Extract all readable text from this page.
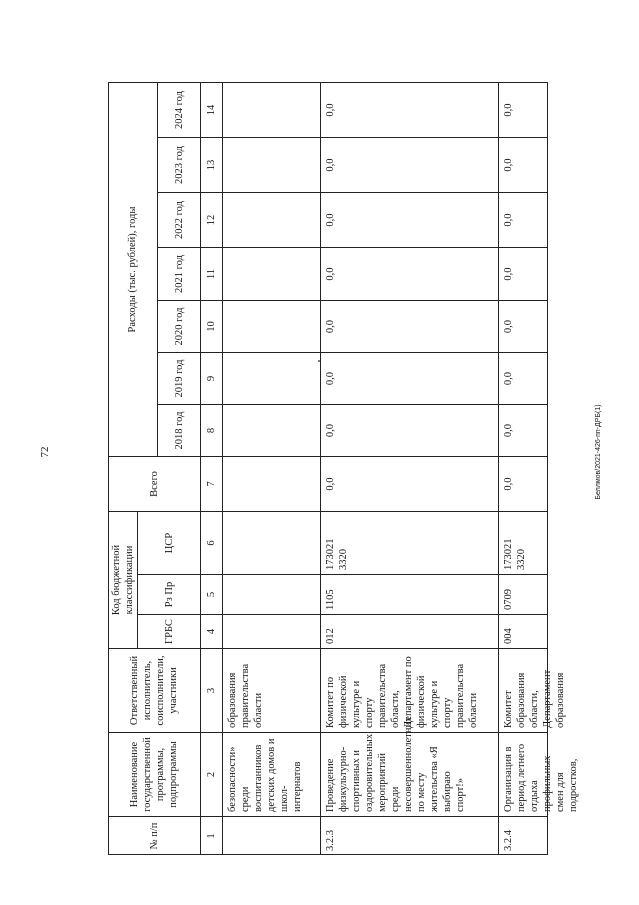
72	Беллмов/2021-426-пп-ДРБ(1)
№ п/п
Наименование государственной программы, подпрограммы
Ответственный исполнитель, соисполнители, участники
Код бюджетной классификации
ГРБС
Рз Пр
ЦСР
Всего
Расходы (тыс. рублей), годы
2018 год
2019 год
2020 год
2021 год
2022 год
2023 год
2024 год
1
2
3
4
5
6
7
8
9
10
11
12
13
14
безопасности» среди воспитанников детских домов и школ-интернатов
образования правительства области
3.2.3
Проведение физкультурно-спортивных и оздоровительных мероприятий среди несовершеннолетних по месту жительства «Я выбираю спорт!»
Комитет по физической культуре и спорту правительства области, Департамент по физической культуре и спорту правительства области
012
1105
173021 3320
0,0
0,0
0,0
0,0
0,0
0,0
0,0
0,0
3.2.4
Организация в период летнего отдыха профильных смен для подростков,
Комитет образования области, Департамент образования
004
0709
173021 3320
0,0
0,0
0,0
0,0
0,0
0,0
0,0
0,0
